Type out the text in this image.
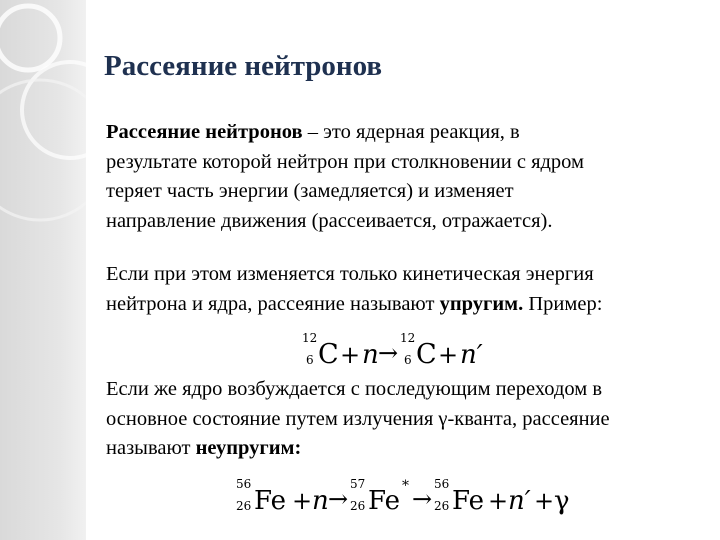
Рассеяние нейтронов
Рассеяние нейтронов – это ядерная реакция, в
результате которой нейтрон при столкновении с ядром
теряет часть энергии (замедляется) и изменяет
направление движения (рассеивается, отражается).
Если при этом изменяется только кинетическая энергия
нейтрона и ядра, рассеяние называют упругим. Пример:
12
6 C + n →
12
6 C + n′
Если же ядро возбуждается с последующим переходом в
основное состояние путем излучения γ-кванта, рассеяние
называют неупругим:
56
26 Fe + n →
57
26 Fe * →
56
26 Fe + n′ + γ
